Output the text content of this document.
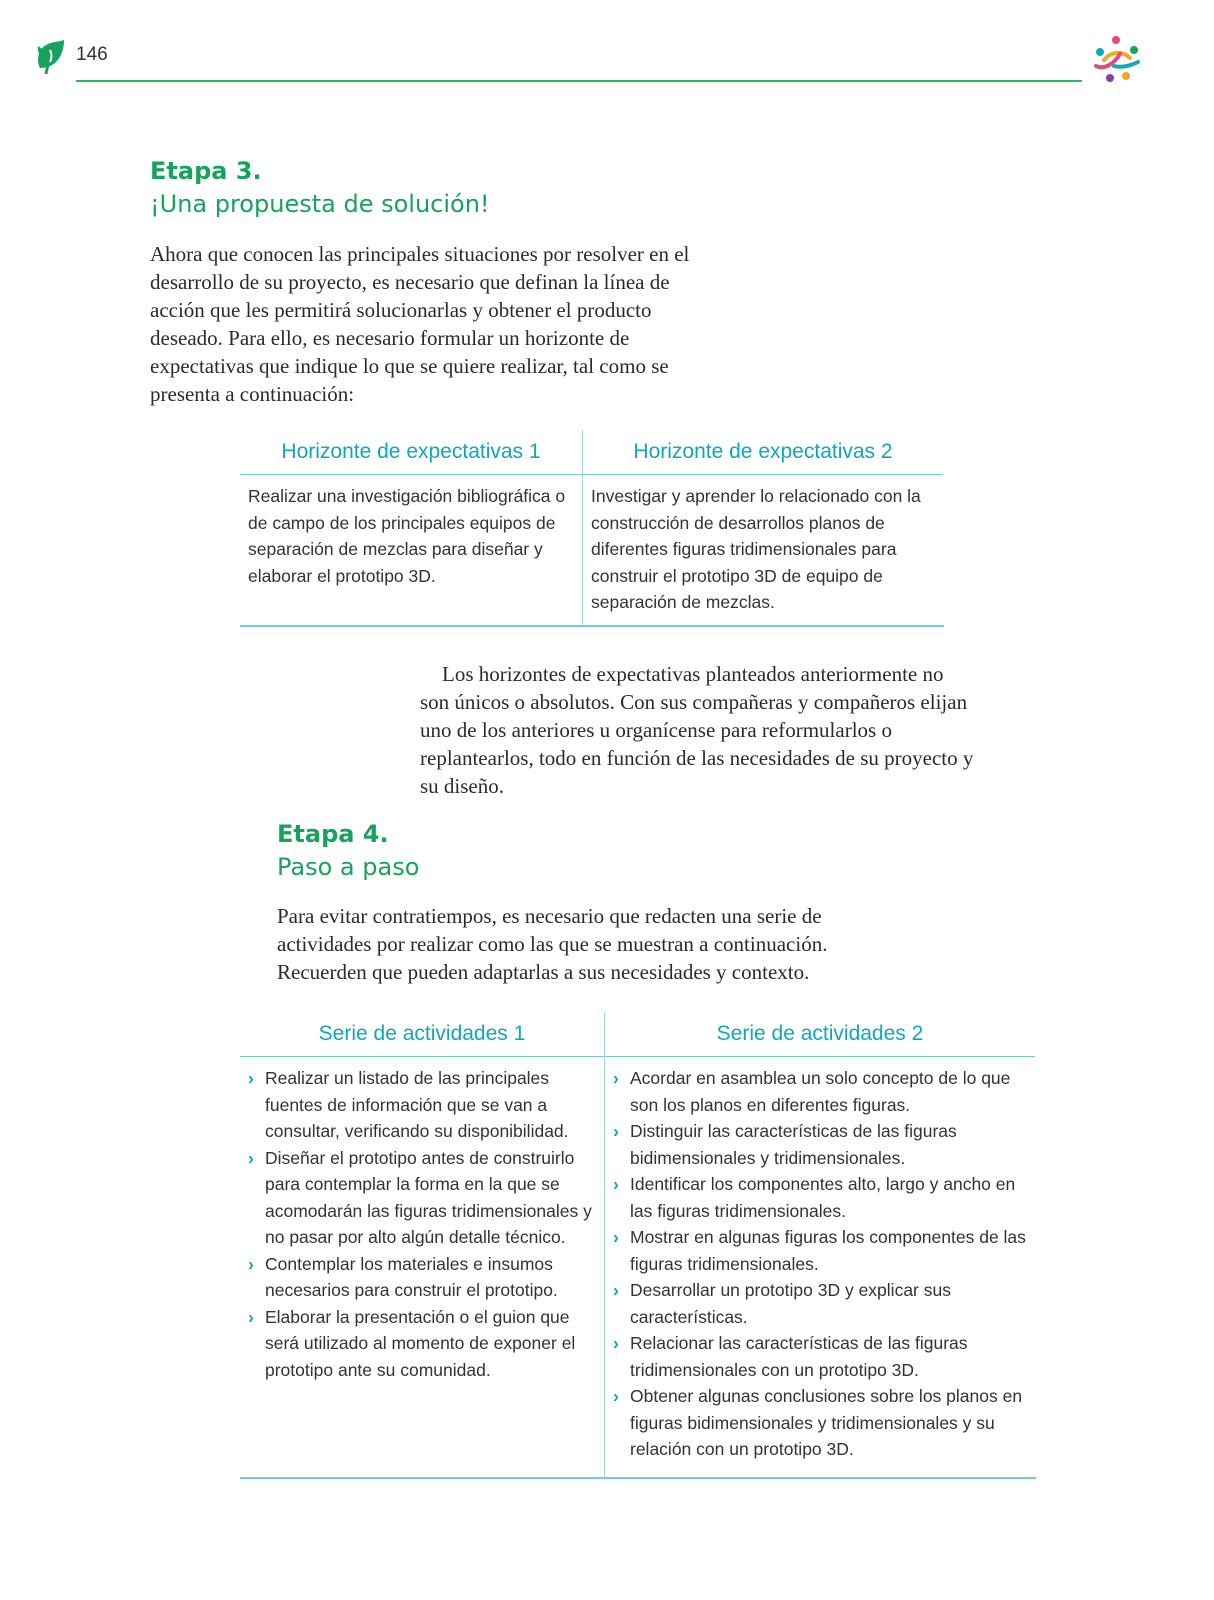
146
Etapa 3.
¡Una propuesta de solución!

Ahora que conocen las principales situaciones por resolver en el desarrollo de su proyecto, es necesario que definan la línea de acción que les permitirá solucionarlas y obtener el producto deseado. Para ello, es necesario formular un horizonte de expectativas que indique lo que se quiere realizar, tal como se presenta a continuación:

Horizonte de expectativas 1
Realizar una investigación bibliográfica o de campo de los principales equipos de separación de mezclas para diseñar y elaborar el prototipo 3D.
Horizonte de expectativas 2
Investigar y aprender lo relacionado con la construcción de desarrollos planos de diferentes figuras tridimensionales para construir el prototipo 3D de equipo de separación de mezclas.

Los horizontes de expectativas planteados anteriormente no son únicos o absolutos. Con sus compañeras y compañeros elijan uno de los anteriores u organícense para reformularlos o replantearlos, todo en función de las necesidades de su proyecto y su diseño.

Etapa 4.
Paso a paso

Para evitar contratiempos, es necesario que redacten una serie de actividades por realizar como las que se muestran a continuación. Recuerden que pueden adaptarlas a sus necesidades y contexto.

Serie de actividades 1
› Realizar un listado de las principales fuentes de información que se van a consultar, verificando su disponibilidad.
› Diseñar el prototipo antes de construirlo para contemplar la forma en la que se acomodarán las figuras tridimensionales y no pasar por alto algún detalle técnico.
› Contemplar los materiales e insumos necesarios para construir el prototipo.
› Elaborar la presentación o el guion que será utilizado al momento de exponer el prototipo ante su comunidad.
Serie de actividades 2
› Acordar en asamblea un solo concepto de lo que son los planos en diferentes figuras.
› Distinguir las características de las figuras bidimensionales y tridimensionales.
› Identificar los componentes alto, largo y ancho en las figuras tridimensionales.
› Mostrar en algunas figuras los componentes de las figuras tridimensionales.
› Desarrollar un prototipo 3D y explicar sus características.
› Relacionar las características de las figuras tridimensionales con un prototipo 3D.
› Obtener algunas conclusiones sobre los planos en figuras bidimensionales y tridimensionales y su relación con un prototipo 3D.
